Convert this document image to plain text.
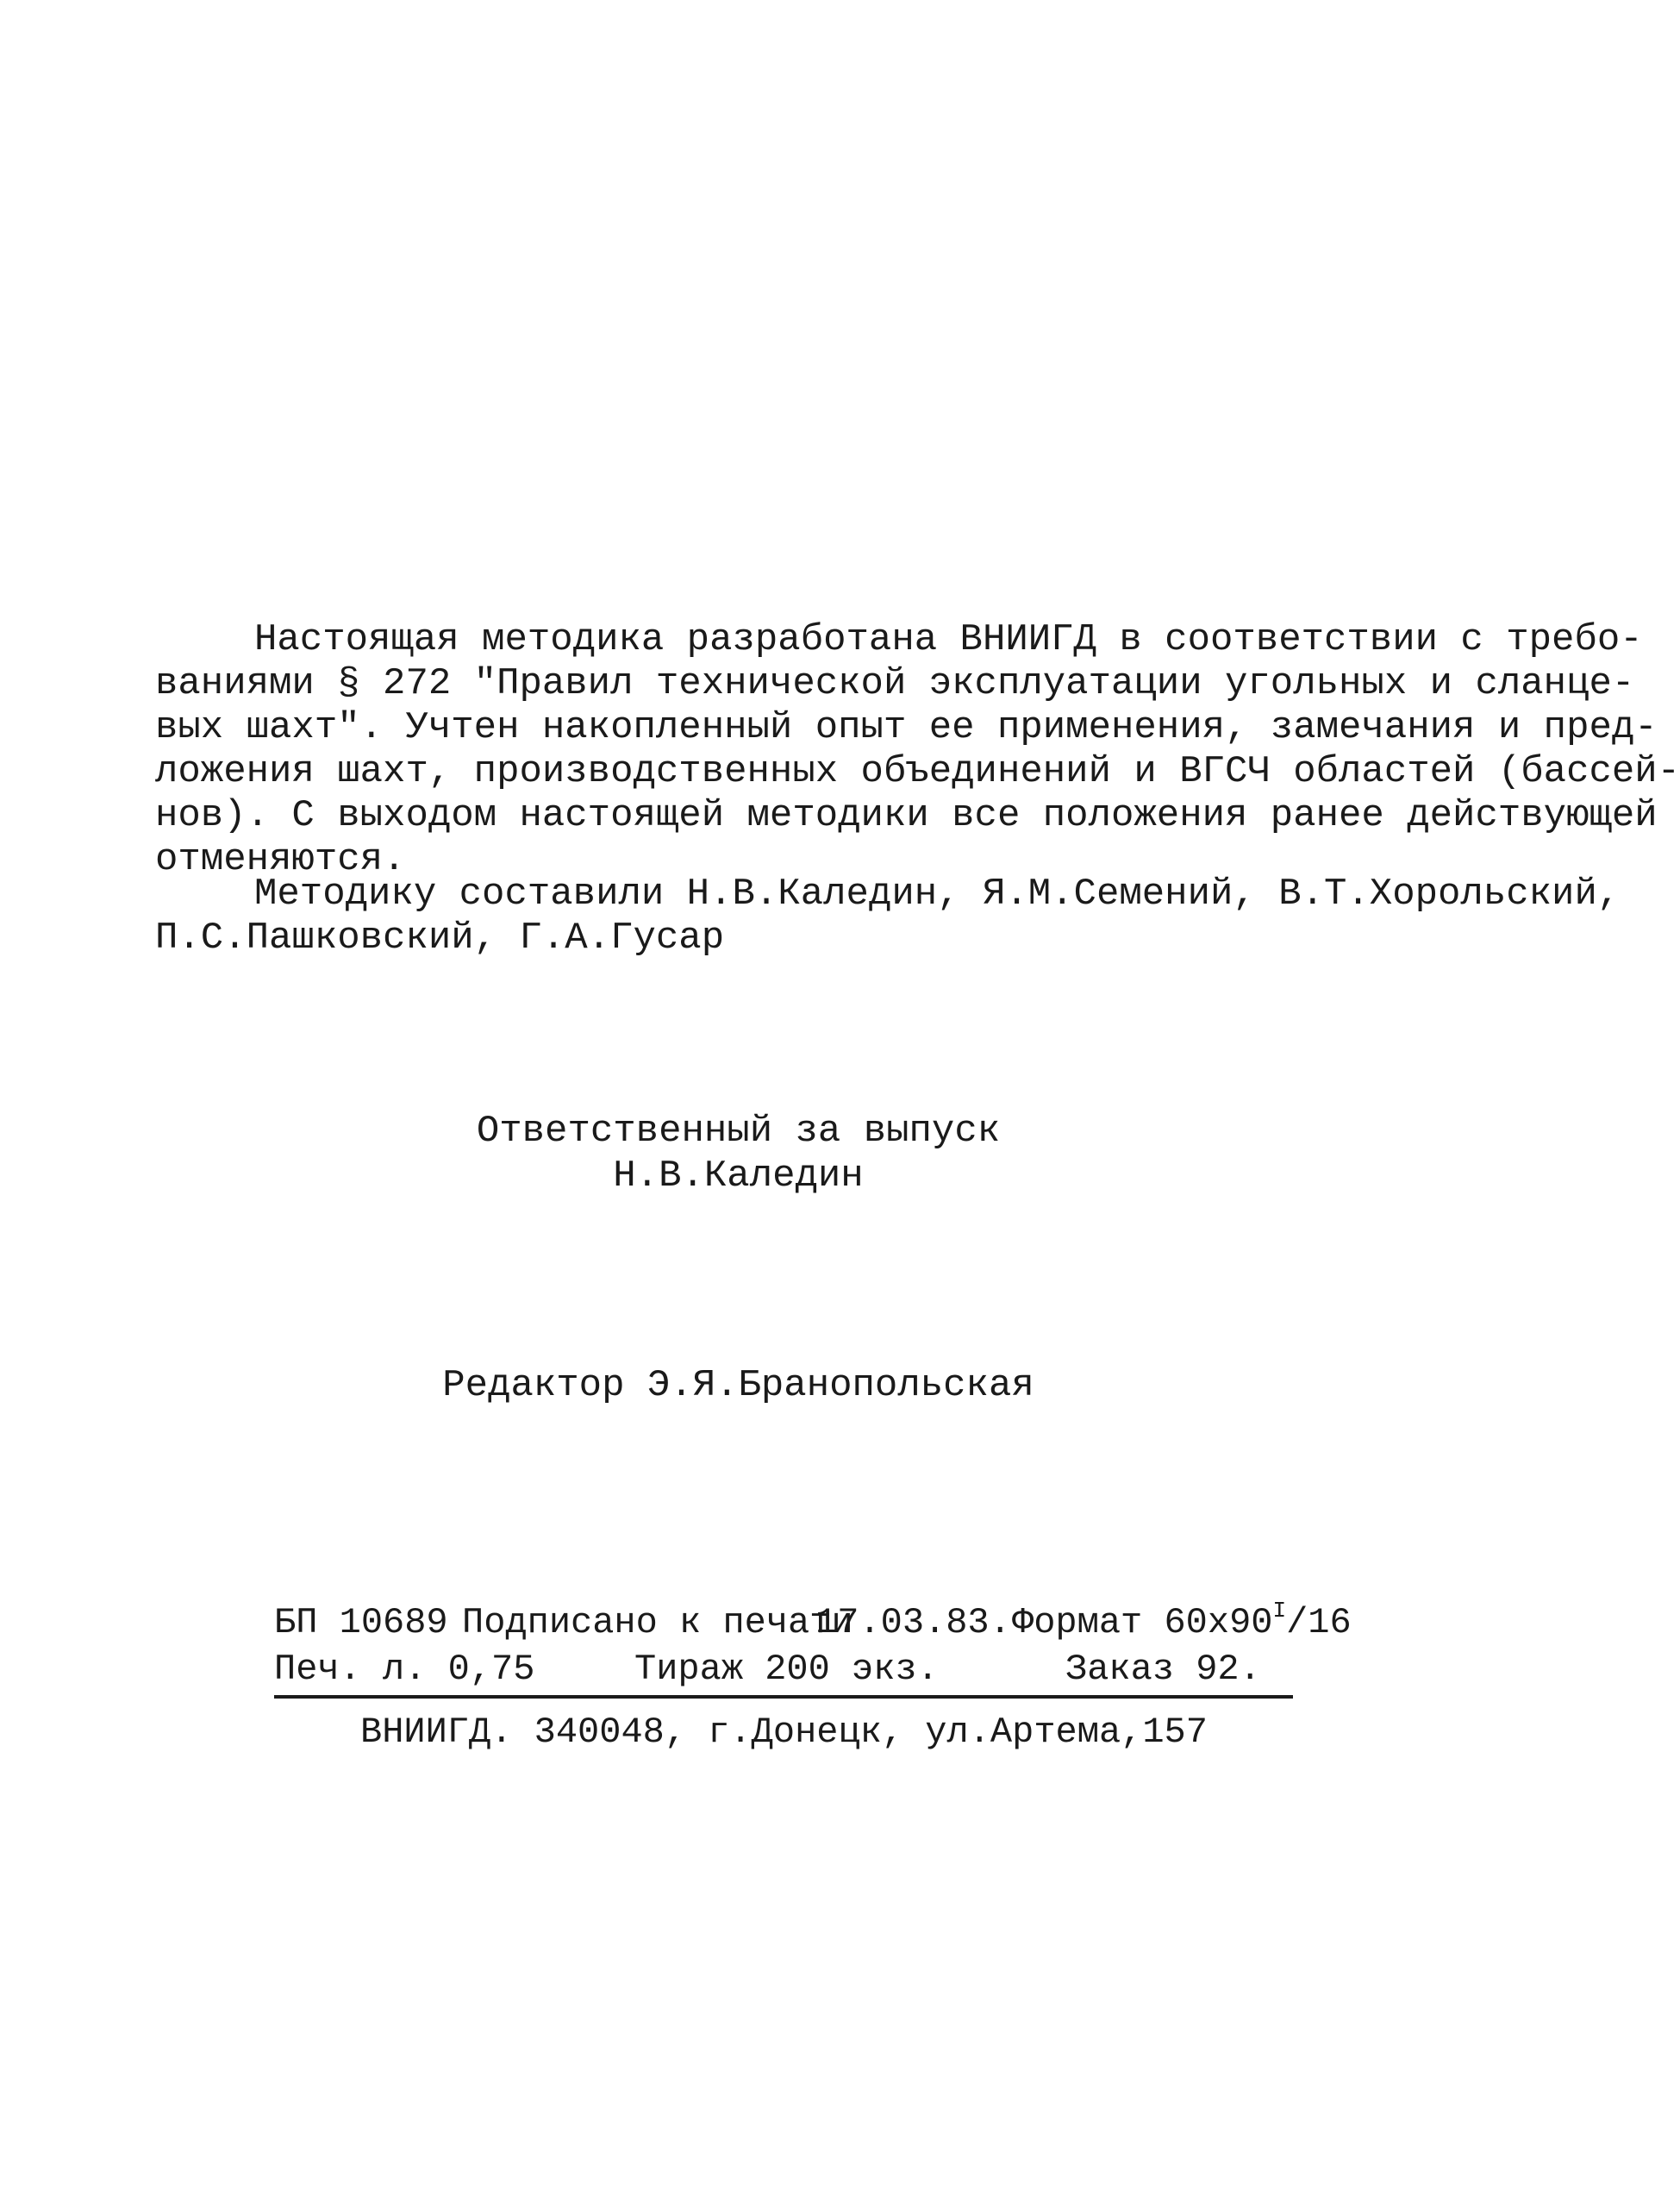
Настоящая методика разработана ВНИИГД в соответствии с требо-
ваниями § 272 "Правил технической эксплуатации угольных и сланце-
вых шахт". Учтен накопленный опыт ее применения, замечания и пред-
ложения шахт, производственных объединений и ВГСЧ областей (бассей-
нов). С выходом настоящей методики все положения ранее действующей
отменяются.
Методику составили Н.В.Каледин, Я.М.Семений, В.Т.Хорольский,
П.С.Пашковский, Г.А.Гусар
Ответственный за выпуск
Н.В.Каледин
Редактор Э.Я.Бранопольская
БП 10689 Подписано к печати
17.03.83. Формат $60х90^I/16$
Печ. л. 0,75	Тираж 200 экз.	Заказ 92.
ВНИИГД. 340048, г.Донецк, ул.Артема,157
